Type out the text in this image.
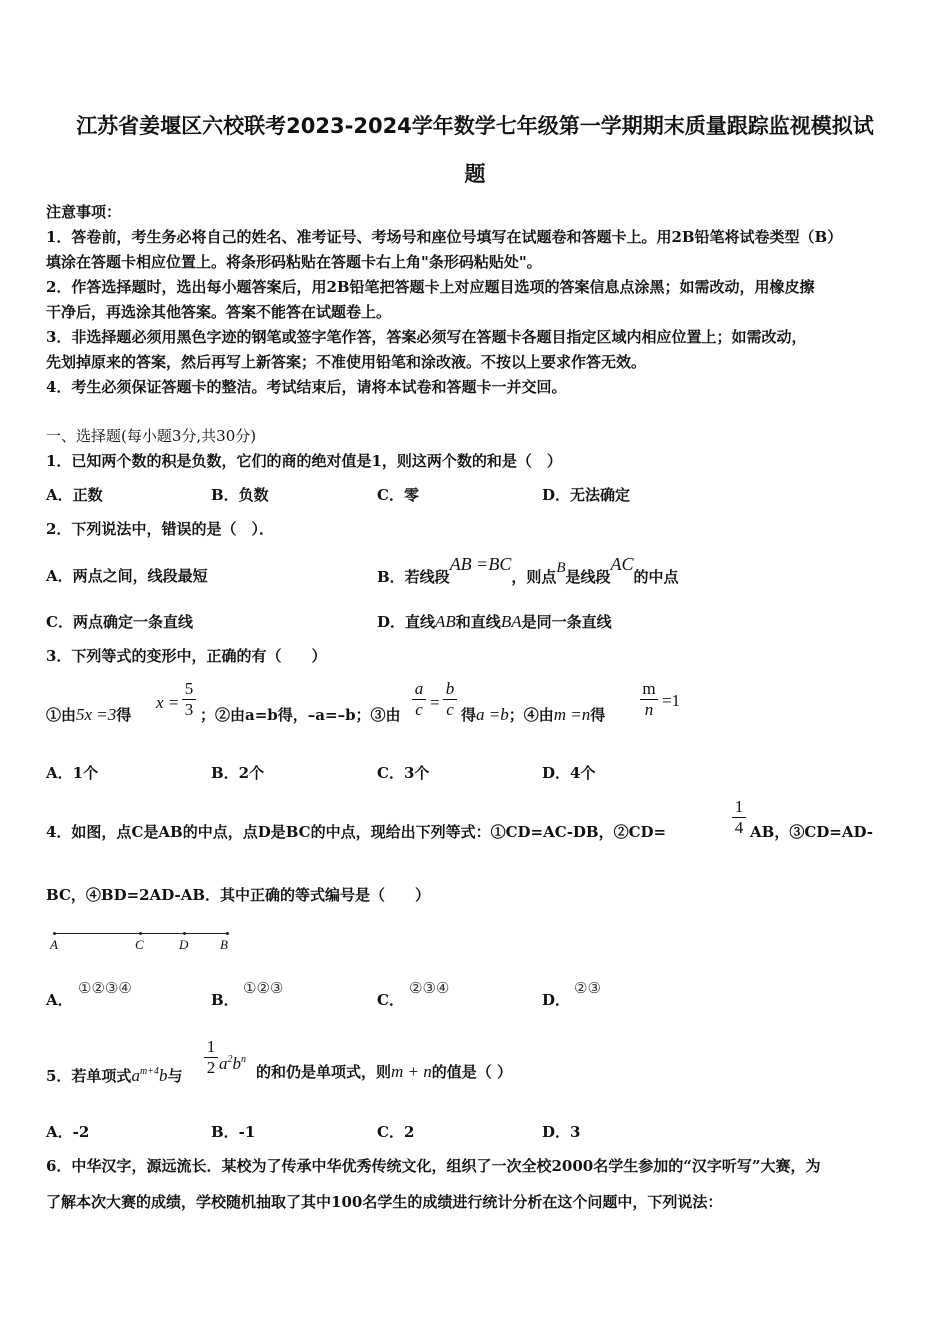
江苏省姜堰区六校联考2023-2024学年数学七年级第一学期期末质量跟踪监视模拟试
题
注意事项：
1．答卷前，考生务必将自己的姓名、准考证号、考场号和座位号填写在试题卷和答题卡上。用2B铅笔将试卷类型（B）
填涂在答题卡相应位置上。将条形码粘贴在答题卡右上角"条形码粘贴处"。
2．作答选择题时，选出每小题答案后，用2B铅笔把答题卡上对应题目选项的答案信息点涂黑；如需改动，用橡皮擦
干净后，再选涂其他答案。答案不能答在试题卷上。
3．非选择题必须用黑色字迹的钢笔或签字笔作答，答案必须写在答题卡各题目指定区域内相应位置上；如需改动，
先划掉原来的答案，然后再写上新答案；不准使用铅笔和涂改液。不按以上要求作答无效。
4．考生必须保证答题卡的整洁。考试结束后，请将本试卷和答题卡一并交回。
一、选择题(每小题3分,共30分)
1．已知两个数的积是负数，它们的商的绝对值是1，则这两个数的和是（　）
A．正数	B．负数	C．零	D．无法确定
2．下列说法中，错误的是（　）．
A．两点之间，线段最短	B．若线段AB =BC，则点B是线段AC的中点
C．两点确定一条直线	D．直线AB和直线BA是同一条直线
3．下列等式的变形中，正确的有（　　）
①由5x =3得
x =
5
3 ；②由a=b得，–a=–b；③由
a
c =
b
c 得a =b；④由m =n得
m
n =1
A．1个	B．2个	C．3个	D．4个
4．如图，点C是AB的中点，点D是BC的中点，现给出下列等式：①CD=AC-DB，②CD=
1
4 AB，③CD=AD-
BC，④BD=2AD-AB．其中正确的等式编号是（　　）
A	C	D B
A．
①②③④
B．
①②③
C．
②③④
D．
②③
5．若单项式$a^{m+4}b$与
1
2 $a^2b^n$
的和仍是单项式，则m + n的值是（ ）
A．-2	B．-1	C．2	D．3
6．中华汉字，源远流长．某校为了传承中华优秀传统文化，组织了一次全校2000名学生参加的“汉字听写”大赛，为
了解本次大赛的成绩，学校随机抽取了其中100名学生的成绩进行统计分析在这个问题中，下列说法：
